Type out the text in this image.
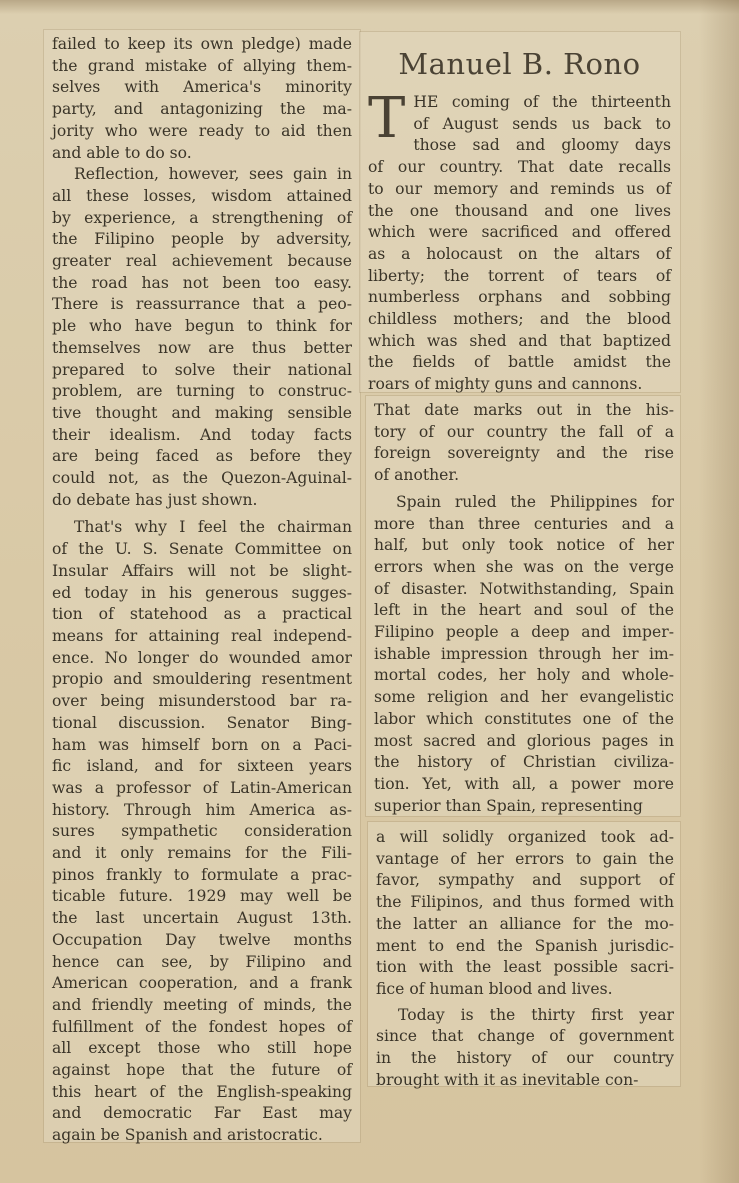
failed to keep its own pledge) made
the grand mistake of allying them-
selves with America's minority
party, and antagonizing the ma-
jority who were ready to aid then
and able to do so.

Reflection, however, sees gain in
all these losses, wisdom attained
by experience, a strengthening of
the Filipino people by adversity,
greater real achievement because
the road has not been too easy.
There is reassurrance that a peo-
ple who have begun to think for
themselves now are thus better
prepared to solve their national
problem, are turning to construc-
tive thought and making sensible
their idealism. And today facts
are being faced as before they
could not, as the Quezon-Aguinal-
do debate has just shown.

That's why I feel the chairman
of the U. S. Senate Committee on
Insular Affairs will not be slight-
ed today in his generous sugges-
tion of statehood as a practical
means for attaining real independ-
ence. No longer do wounded amor
propio and smouldering resentment
over being misunderstood bar ra-
tional discussion. Senator Bing-
ham was himself born on a Paci-
fic island, and for sixteen years
was a professor of Latin-American
history. Through him America as-
sures sympathetic consideration
and it only remains for the Fili-
pinos frankly to formulate a prac-
ticable future. 1929 may well be
the last uncertain August 13th.
Occupation Day twelve months
hence can see, by Filipino and
American cooperation, and a frank
and friendly meeting of minds, the
fulfillment of the fondest hopes of
all except those who still hope
against hope that the future of
this heart of the English-speaking
and democratic Far East may
again be Spanish and aristocratic.

Manuel B. Rono
T HE coming of the thirteenth
of August sends us back to
those sad and gloomy days
of our country. That date recalls
to our memory and reminds us of
the one thousand and one lives
which were sacrificed and offered
as a holocaust on the altars of
liberty; the torrent of tears of
numberless orphans and sobbing
childless mothers; and the blood
which was shed and that baptized
the fields of battle amidst the
roars of mighty guns and cannons.

That date marks out in the his-
tory of our country the fall of a
foreign sovereignty and the rise
of another.

Spain ruled the Philippines for
more than three centuries and a
half, but only took notice of her
errors when she was on the verge
of disaster. Notwithstanding, Spain
left in the heart and soul of the
Filipino people a deep and imper-
ishable impression through her im-
mortal codes, her holy and whole-
some religion and her evangelistic
labor which constitutes one of the
most sacred and glorious pages in
the history of Christian civiliza-
tion. Yet, with all, a power more
superior than Spain, representing

a will solidly organized took ad-
vantage of her errors to gain the
favor, sympathy and support of
the Filipinos, and thus formed with
the latter an alliance for the mo-
ment to end the Spanish jurisdic-
tion with the least possible sacri-
fice of human blood and lives.

Today is the thirty first year
since that change of government
in the history of our country
brought with it as inevitable con-
